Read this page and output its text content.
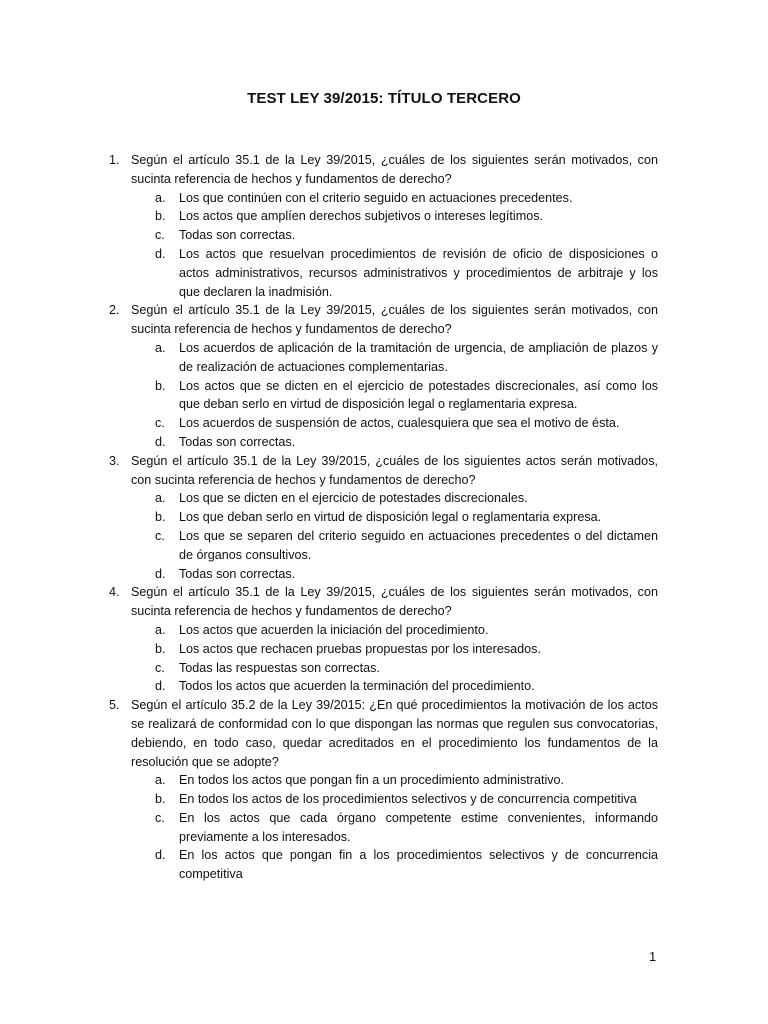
TEST LEY 39/2015: TÍTULO TERCERO
1. Según el artículo 35.1 de la Ley 39/2015, ¿cuáles de los siguientes serán motivados, con sucinta referencia de hechos y fundamentos de derecho?
a. Los que continúen con el criterio seguido en actuaciones precedentes.
b. Los actos que amplíen derechos subjetivos o intereses legítimos.
c. Todas son correctas.
d. Los actos que resuelvan procedimientos de revisión de oficio de disposiciones o actos administrativos, recursos administrativos y procedimientos de arbitraje y los que declaren la inadmisión.
2. Según el artículo 35.1 de la Ley 39/2015, ¿cuáles de los siguientes serán motivados, con sucinta referencia de hechos y fundamentos de derecho?
a. Los acuerdos de aplicación de la tramitación de urgencia, de ampliación de plazos y de realización de actuaciones complementarias.
b. Los actos que se dicten en el ejercicio de potestades discrecionales, así como los que deban serlo en virtud de disposición legal o reglamentaria expresa.
c. Los acuerdos de suspensión de actos, cualesquiera que sea el motivo de ésta.
d. Todas son correctas.
3. Según el artículo 35.1 de la Ley 39/2015, ¿cuáles de los siguientes actos serán motivados, con sucinta referencia de hechos y fundamentos de derecho?
a. Los que se dicten en el ejercicio de potestades discrecionales.
b. Los que deban serlo en virtud de disposición legal o reglamentaria expresa.
c. Los que se separen del criterio seguido en actuaciones precedentes o del dictamen de órganos consultivos.
d. Todas son correctas.
4. Según el artículo 35.1 de la Ley 39/2015, ¿cuáles de los siguientes serán motivados, con sucinta referencia de hechos y fundamentos de derecho?
a. Los actos que acuerden la iniciación del procedimiento.
b. Los actos que rechacen pruebas propuestas por los interesados.
c. Todas las respuestas son correctas.
d. Todos los actos que acuerden la terminación del procedimiento.
5. Según el artículo 35.2 de la Ley 39/2015: ¿En qué procedimientos la motivación de los actos se realizará de conformidad con lo que dispongan las normas que regulen sus convocatorias, debiendo, en todo caso, quedar acreditados en el procedimiento los fundamentos de la resolución que se adopte?
a. En todos los actos que pongan fin a un procedimiento administrativo.
b. En todos los actos de los procedimientos selectivos y de concurrencia competitiva
c. En los actos que cada órgano competente estime convenientes, informando previamente a los interesados.
d. En los actos que pongan fin a los procedimientos selectivos y de concurrencia competitiva
1
